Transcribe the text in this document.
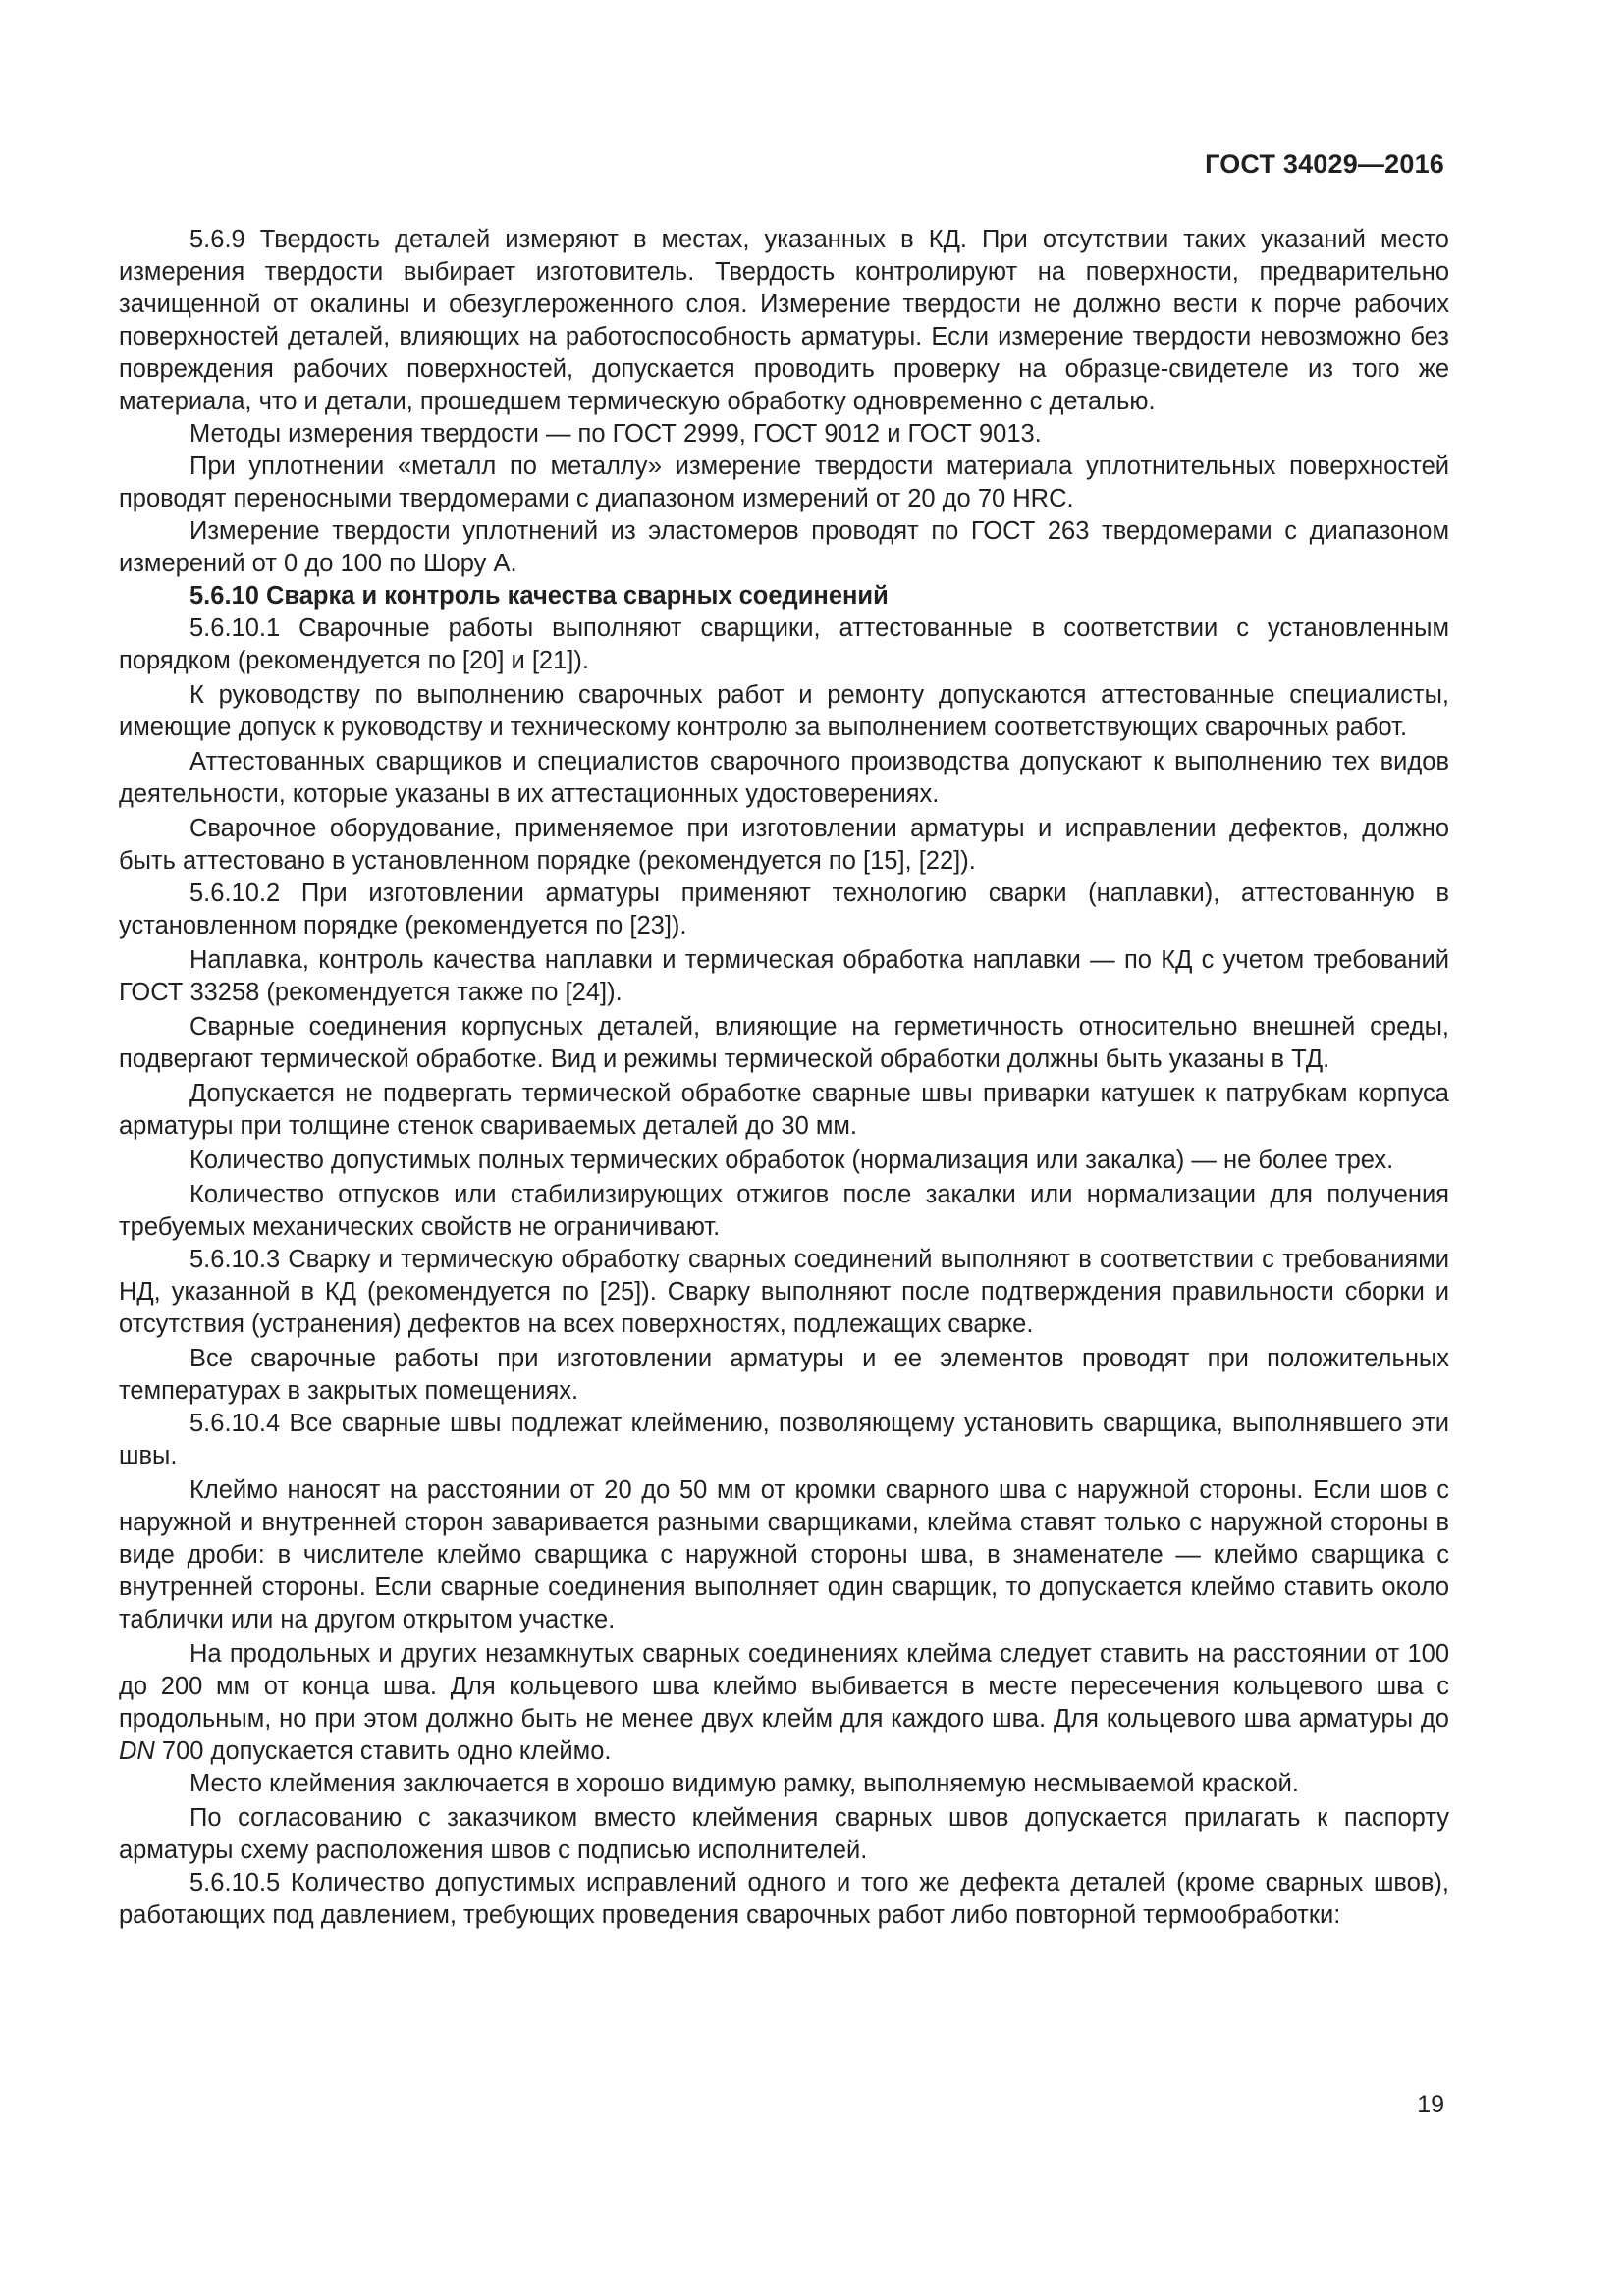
ГОСТ 34029—2016

5.6.9 Твердость деталей измеряют в местах, указанных в КД. При отсутствии таких указаний место измерения твердости выбирает изготовитель. Твердость контролируют на поверхности, предварительно зачищенной от окалины и обезуглероженного слоя. Измерение твердости не должно вести к порче рабочих поверхностей деталей, влияющих на работоспособность арматуры. Если измерение твердости невозможно без повреждения рабочих поверхностей, допускается проводить проверку на образце-свидетеле из того же материала, что и детали, прошедшем термическую обработку одновременно с деталью.

Методы измерения твердости — по ГОСТ 2999, ГОСТ 9012 и ГОСТ 9013.

При уплотнении «металл по металлу» измерение твердости материала уплотнительных поверхностей проводят переносными твердомерами с диапазоном измерений от 20 до 70 HRC.

Измерение твердости уплотнений из эластомеров проводят по ГОСТ 263 твердомерами с диапазоном измерений от 0 до 100 по Шору А.

5.6.10 Сварка и контроль качества сварных соединений

5.6.10.1 Сварочные работы выполняют сварщики, аттестованные в соответствии с установленным порядком (рекомендуется по [20] и [21]).

К руководству по выполнению сварочных работ и ремонту допускаются аттестованные специалисты, имеющие допуск к руководству и техническому контролю за выполнением соответствующих сварочных работ.

Аттестованных сварщиков и специалистов сварочного производства допускают к выполнению тех видов деятельности, которые указаны в их аттестационных удостоверениях.

Сварочное оборудование, применяемое при изготовлении арматуры и исправлении дефектов, должно быть аттестовано в установленном порядке (рекомендуется по [15], [22]).

5.6.10.2 При изготовлении арматуры применяют технологию сварки (наплавки), аттестованную в установленном порядке (рекомендуется по [23]).

Наплавка, контроль качества наплавки и термическая обработка наплавки — по КД с учетом требований ГОСТ 33258 (рекомендуется также по [24]).

Сварные соединения корпусных деталей, влияющие на герметичность относительно внешней среды, подвергают термической обработке. Вид и режимы термической обработки должны быть указаны в ТД.

Допускается не подвергать термической обработке сварные швы приварки катушек к патрубкам корпуса арматуры при толщине стенок свариваемых деталей до 30 мм.

Количество допустимых полных термических обработок (нормализация или закалка) — не более трех.

Количество отпусков или стабилизирующих отжигов после закалки или нормализации для получения требуемых механических свойств не ограничивают.

5.6.10.3 Сварку и термическую обработку сварных соединений выполняют в соответствии с требованиями НД, указанной в КД (рекомендуется по [25]). Сварку выполняют после подтверждения правильности сборки и отсутствия (устранения) дефектов на всех поверхностях, подлежащих сварке.

Все сварочные работы при изготовлении арматуры и ее элементов проводят при положительных температурах в закрытых помещениях.

5.6.10.4 Все сварные швы подлежат клеймению, позволяющему установить сварщика, выполнявшего эти швы.

Клеймо наносят на расстоянии от 20 до 50 мм от кромки сварного шва с наружной стороны. Если шов с наружной и внутренней сторон заваривается разными сварщиками, клейма ставят только с наружной стороны в виде дроби: в числителе клеймо сварщика с наружной стороны шва, в знаменателе — клеймо сварщика с внутренней стороны. Если сварные соединения выполняет один сварщик, то допускается клеймо ставить около таблички или на другом открытом участке.

На продольных и других незамкнутых сварных соединениях клейма следует ставить на расстоянии от 100 до 200 мм от конца шва. Для кольцевого шва клеймо выбивается в месте пересечения кольцевого шва с продольным, но при этом должно быть не менее двух клейм для каждого шва. Для кольцевого шва арматуры до DN 700 допускается ставить одно клеймо.

Место клеймения заключается в хорошо видимую рамку, выполняемую несмываемой краской.

По согласованию с заказчиком вместо клеймения сварных швов допускается прилагать к паспорту арматуры схему расположения швов с подписью исполнителей.

5.6.10.5 Количество допустимых исправлений одного и того же дефекта деталей (кроме сварных швов), работающих под давлением, требующих проведения сварочных работ либо повторной термообработки:

19
